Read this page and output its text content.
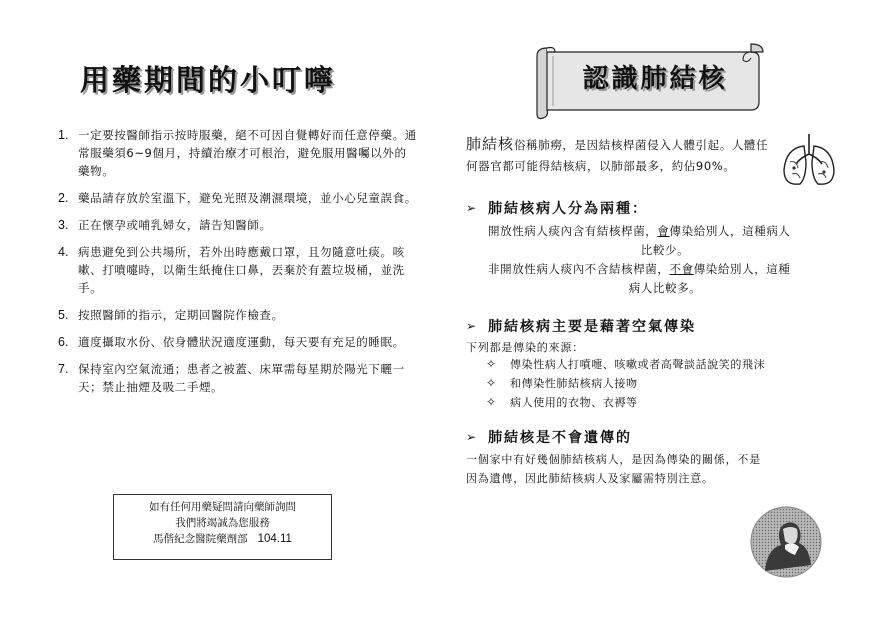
用藥期間的小叮嚀
1. 一定要按醫師指示按時服藥，絕不可因自覺轉好而任意停藥。通常服藥須6~9個月，持續治療才可根治，避免服用醫囑以外的藥物。
2. 藥品請存放於室溫下，避免光照及潮濕環境，並小心兒童誤食。
3. 正在懷孕或哺乳婦女，請告知醫師。
4. 病患避免到公共場所，若外出時應戴口罩，且勿隨意吐痰。咳嗽、打噴嚏時，以衛生紙掩住口鼻，丟棄於有蓋垃圾桶，並洗手。
5. 按照醫師的指示，定期回醫院作檢查。
6. 適度攝取水份、依身體狀況適度運動，每天要有充足的睡眠。
7. 保持室內空氣流通；患者之被蓋、床單需每星期於陽光下曬一天；禁止抽煙及吸二手煙。
如有任何用藥疑問請向藥師詢問
我們將竭誠為您服務
馬偕紀念醫院藥劑部 104.11
認識肺結核
肺結核俗稱肺癆，是因結核桿菌侵入人體引起。人體任何器官都可能得結核病，以肺部最多，約佔90%。
➢ 肺結核病人分為兩種：
開放性病人痰內含有結核桿菌，會傳染給別人，這種病人
比較少。
非開放性病人痰內不含結核桿菌，不會傳染給別人，這種
病人比較多。
➢ 肺結核病主要是藉著空氣傳染
下列都是傳染的來源：
✧	傳染性病人打噴嚏、咳嗽或者高聲談話說笑的飛沫
✧	和傳染性肺結核病人接吻
✧	病人使用的衣物、衣褥等
➢ 肺結核是不會遺傳的
一個家中有好幾個肺結核病人，是因為傳染的關係，不是因為遺傳，因此肺結核病人及家屬需特別注意。
